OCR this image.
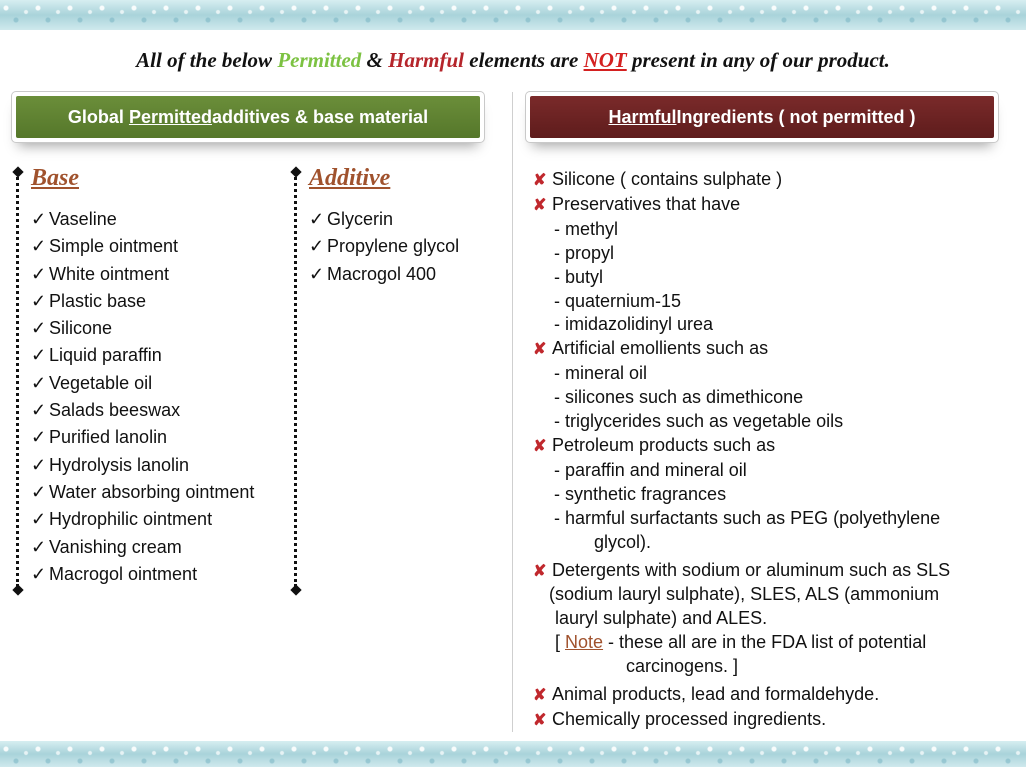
All of the below Permitted & Harmful elements are NOT present in any of our product.
Global
Permitted additives & base material	Harmful Ingredients ( not permitted )
Base
✓ Vaseline
✓ Simple ointment
✓ White ointment
✓ Plastic base
✓ Silicone
✓ Liquid paraffin
✓ Vegetable oil
✓ Salads beeswax
✓ Purified lanolin
✓ Hydrolysis lanolin
✓ Water absorbing ointment
✓ Hydrophilic ointment
✓ Vanishing cream
✓ Macrogol ointment
Additive
✓ Glycerin
✓ Propylene glycol
✓ Macrogol 400
✘ Silicone ( contains sulphate )
✘ Preservatives that have
- methyl
- propyl
- butyl
- quaternium-15
- imidazolidinyl urea
✘ Artificial emollients such as
- mineral oil
- silicones such as dimethicone
- triglycerides such as vegetable oils
✘ Petroleum products such as
- paraffin and mineral oil
- synthetic fragrances
- harmful surfactants such as PEG (polyethylene
glycol).
✘ Detergents with sodium or aluminum such as SLS
(sodium lauryl sulphate), SLES, ALS (ammonium
lauryl sulphate) and ALES.
[ Note - these all are in the FDA list of potential
carcinogens. ]
✘ Animal products, lead and formaldehyde.
✘ Chemically processed ingredients.
